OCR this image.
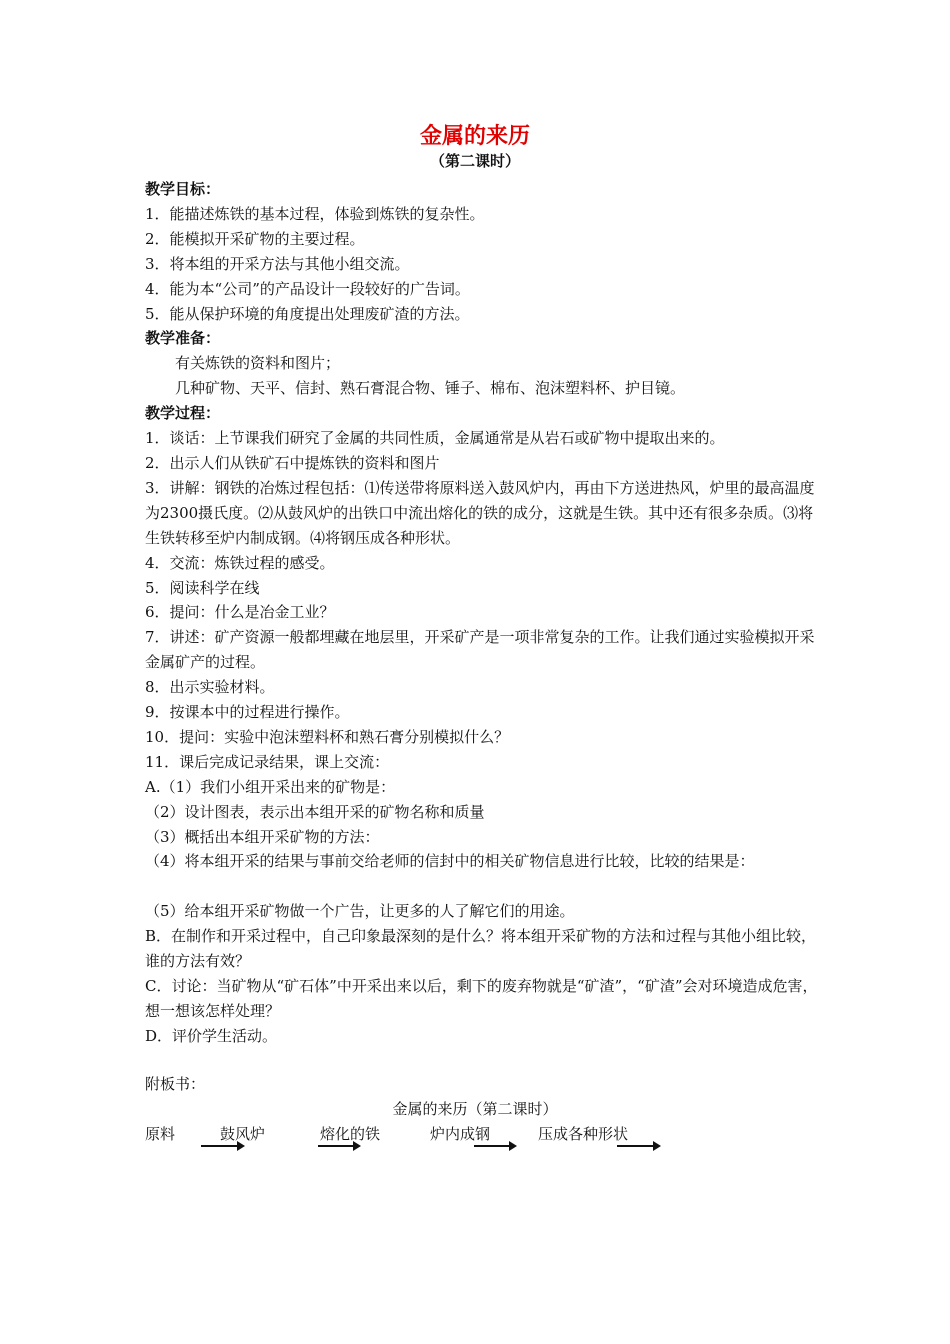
金属的来历
（第二课时）

教学目标：

1．能描述炼铁的基本过程，体验到炼铁的复杂性。

2．能模拟开采矿物的主要过程。

3．将本组的开采方法与其他小组交流。

4．能为本“公司”的产品设计一段较好的广告词。

5．能从保护环境的角度提出处理废矿渣的方法。

教学准备：

有关炼铁的资料和图片；

几种矿物、天平、信封、熟石膏混合物、锤子、棉布、泡沫塑料杯、护目镜。

教学过程：

1．谈话：上节课我们研究了金属的共同性质，金属通常是从岩石或矿物中提取出来的。

2．出示人们从铁矿石中提炼铁的资料和图片

3．讲解：钢铁的冶炼过程包括：⑴传送带将原料送入鼓风炉内，再由下方送进热风，炉里的最高温度为2300摄氏度。⑵从鼓风炉的出铁口中流出熔化的铁的成分，这就是生铁。其中还有很多杂质。⑶将生铁转移至炉内制成钢。⑷将钢压成各种形状。

4．交流：炼铁过程的感受。

5．阅读科学在线

6．提问：什么是冶金工业？

7．讲述：矿产资源一般都埋藏在地层里，开采矿产是一项非常复杂的工作。让我们通过实验模拟开采金属矿产的过程。

8．出示实验材料。

9．按课本中的过程进行操作。

10．提问：实验中泡沫塑料杯和熟石膏分别模拟什么？

11．课后完成记录结果，课上交流：

A.（1）我们小组开采出来的矿物是：

（2）设计图表，表示出本组开采的矿物名称和质量

（3）概括出本组开采矿物的方法：

（4）将本组开采的结果与事前交给老师的信封中的相关矿物信息进行比较，比较的结果是：

（5）给本组开采矿物做一个广告，让更多的人了解它们的用途。

B．在制作和开采过程中，自己印象最深刻的是什么？将本组开采矿物的方法和过程与其他小组比较，谁的方法有效？

C．讨论：当矿物从“矿石体”中开采出来以后，剩下的废弃物就是“矿渣”，“矿渣”会对环境造成危害，想一想该怎样处理？

D．评价学生活动。

附板书：
金属的来历（第二课时）
原料	鼓风炉	熔化的铁	炉内成钢	压成各种形状
